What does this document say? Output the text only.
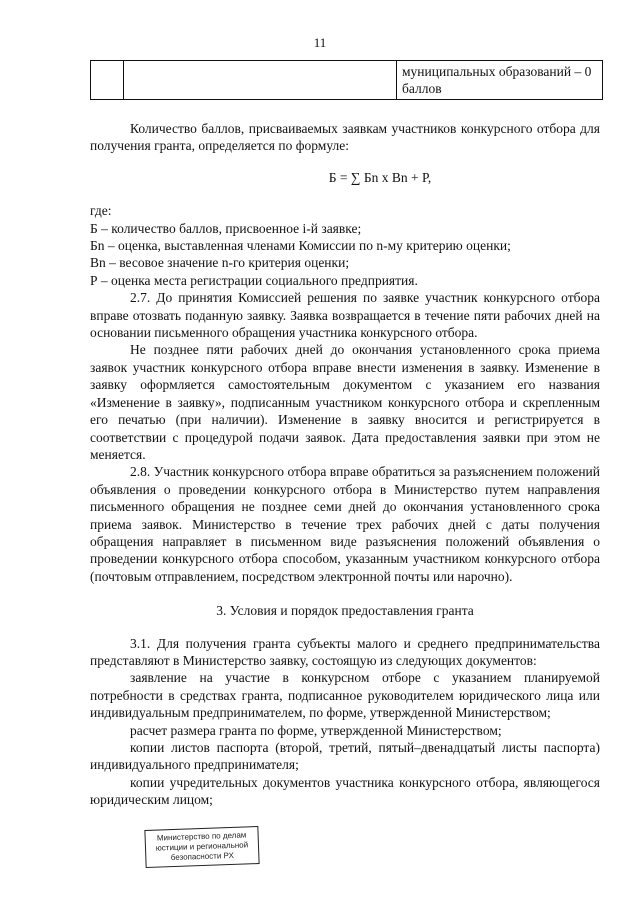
11
		муниципальных образований – 0 баллов

Количество баллов, присваиваемых заявкам участников конкурсного отбора для получения гранта, определяется по формуле:

Б = ∑ Бn x Вn + Р,

где:

Б – количество баллов, присвоенное i-й заявке;

Бn – оценка, выставленная членами Комиссии по n-му критерию оценки;

Вn – весовое значение n-го критерия оценки;

Р – оценка места регистрации социального предприятия.

2.7. До принятия Комиссией решения по заявке участник конкурсного отбора вправе отозвать поданную заявку. Заявка возвращается в течение пяти рабочих дней на основании письменного обращения участника конкурсного отбора.

Не позднее пяти рабочих дней до окончания установленного срока приема заявок участник конкурсного отбора вправе внести изменения в заявку. Изменение в заявку оформляется самостоятельным документом с указанием его названия «Изменение в заявку», подписанным участником конкурсного отбора и скрепленным его печатью (при наличии). Изменение в заявку вносится и регистрируется в соответствии с процедурой подачи заявок. Дата предоставления заявки при этом не меняется.

2.8. Участник конкурсного отбора вправе обратиться за разъяснением положений объявления о проведении конкурсного отбора в Министерство путем направления письменного обращения не позднее семи дней до окончания установленного срока приема заявок. Министерство в течение трех рабочих дней с даты получения обращения направляет в письменном виде разъяснения положений объявления о проведении конкурсного отбора способом, указанным участником конкурсного отбора (почтовым отправлением, посредством электронной почты или нарочно).

3. Условия и порядок предоставления гранта

3.1. Для получения гранта субъекты малого и среднего предпринимательства представляют в Министерство заявку, состоящую из следующих документов:

заявление на участие в конкурсном отборе с указанием планируемой потребности в средствах гранта, подписанное руководителем юридического лица или индивидуальным предпринимателем, по форме, утвержденной Министерством;

расчет размера гранта по форме, утвержденной Министерством;

копии листов паспорта (второй, третий, пятый–двенадцатый листы паспорта) индивидуального предпринимателя;

копии учредительных документов участника конкурсного отбора, являющегося юридическим лицом;

Министерство по делам
юстиции и региональной
безопасности РХ
